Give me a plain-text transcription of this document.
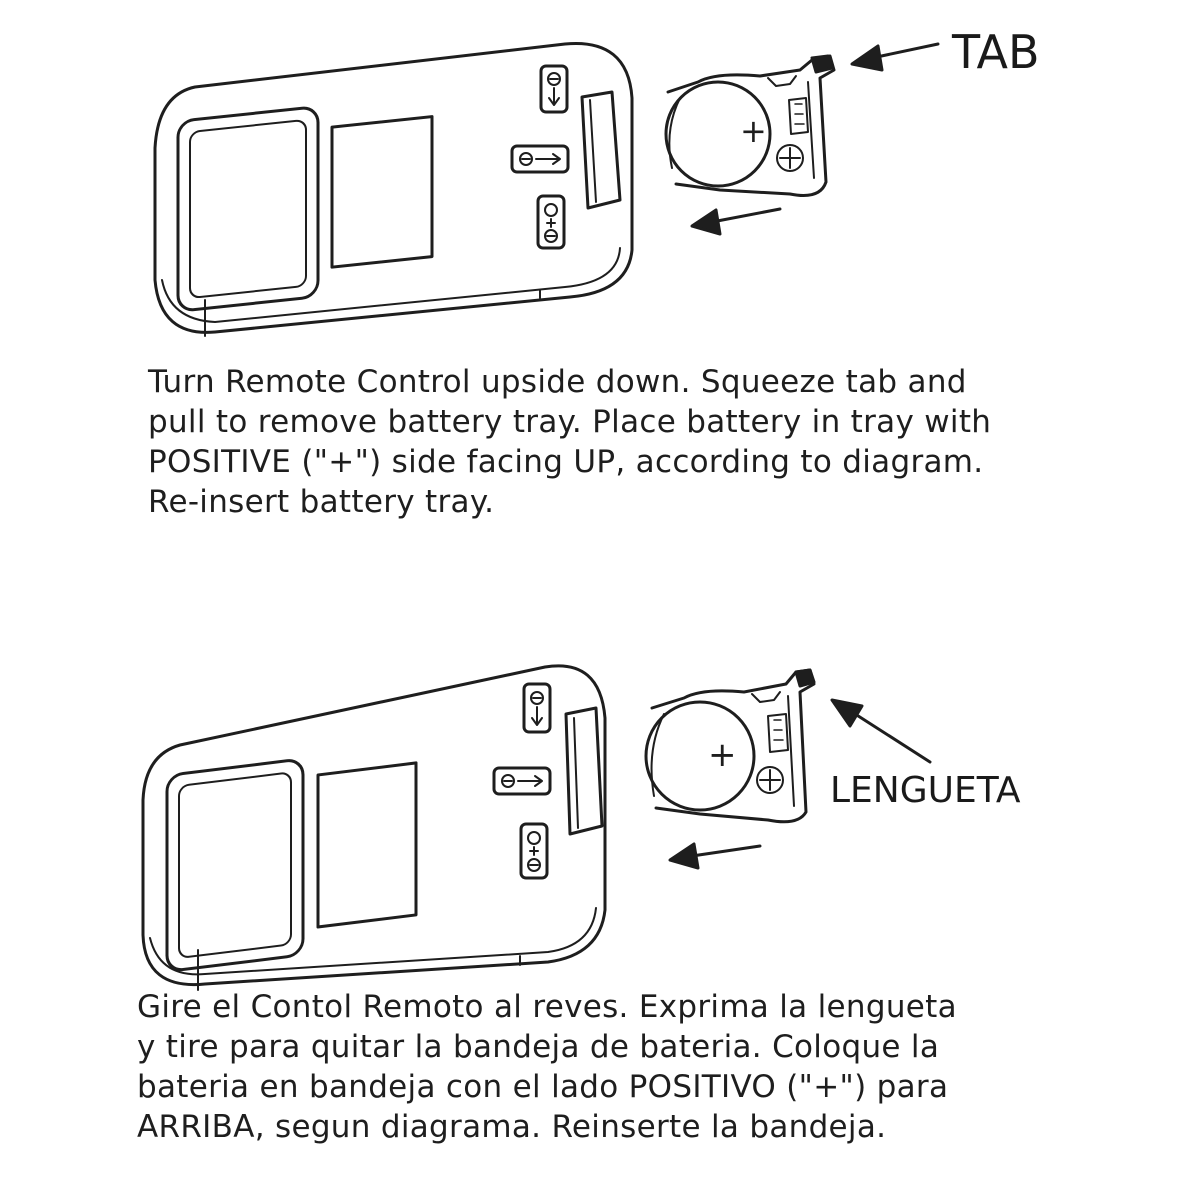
+
TAB

Turn Remote Control upside down. Squeeze tab and
pull to remove battery tray. Place battery in tray with
POSITIVE ("+") side facing UP, according to diagram.
Re-insert battery tray.

+
LENGUETA

Gire el Contol Remoto al reves. Exprima la lengueta
y tire para quitar la bandeja de bateria. Coloque la
bateria en bandeja con el lado POSITIVO ("+") para
ARRIBA, segun diagrama. Reinserte la bandeja.
